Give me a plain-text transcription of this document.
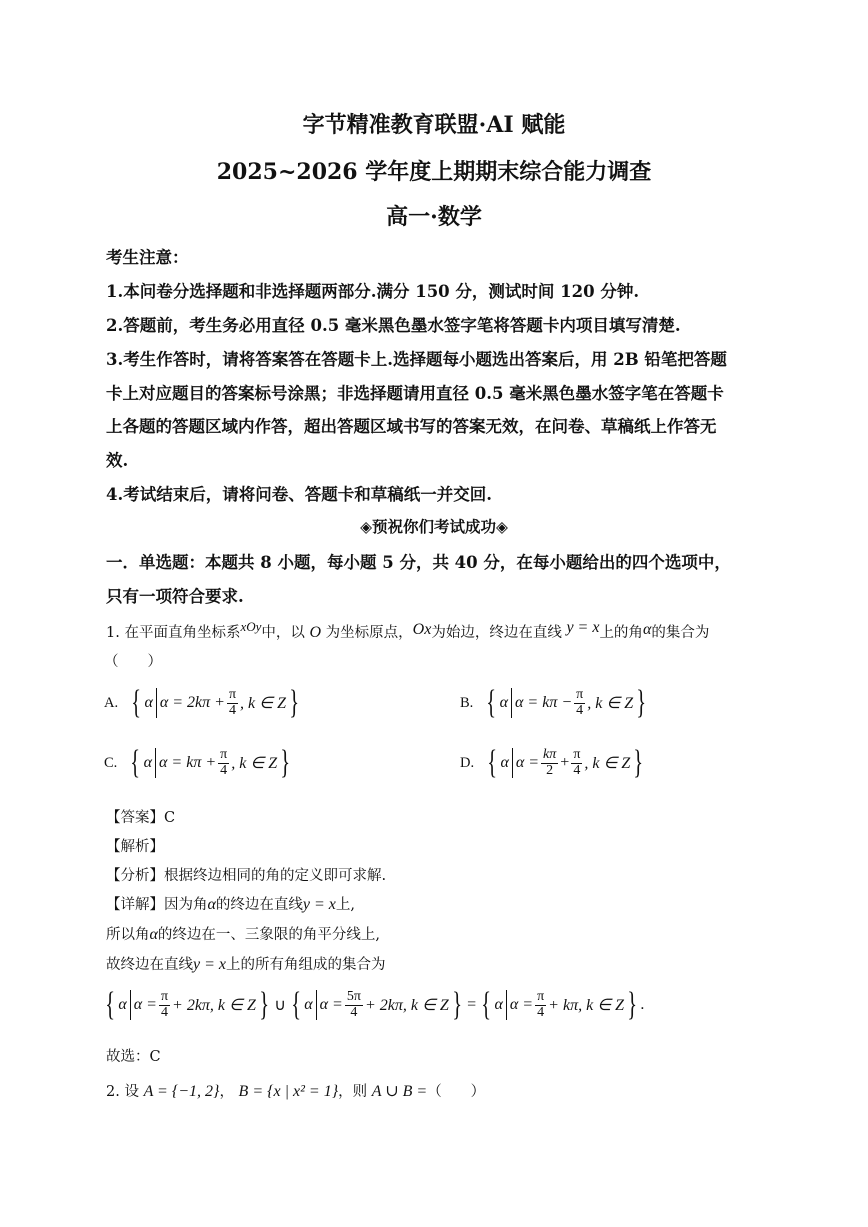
字节精准教育联盟·AI 赋能
2025~2026 学年度上期期末综合能力调查
高一·数学
考生注意：
1.本问卷分选择题和非选择题两部分.满分 150 分，测试时间 120 分钟.
2.答题前，考生务必用直径 0.5 毫米黑色墨水签字笔将答题卡内项目填写清楚.
3.考生作答时，请将答案答在答题卡上.选择题每小题选出答案后，用 2B 铅笔把答题
卡上对应题目的答案标号涂黑；非选择题请用直径 0.5 毫米黑色墨水签字笔在答题卡
上各题的答题区域内作答，超出答题区域书写的答案无效，在问卷、草稿纸上作答无
效.
4.考试结束后，请将问卷、答题卡和草稿纸一并交回.
◈预祝你们考试成功◈
一．单选题：本题共 8 小题，每小题 5 分，共 40 分，在每小题给出的四个选项中，
只有一项符合要求.
1. 在平面直角坐标系xOy中，以 O 为坐标原点，Ox为始边，终边在直线 y = x上的角α的集合为
（　　）
A. { α $\alpha = 2k\pi + \frac{\pi}{4}$ , k ∈ Z }	B. { α $\alpha = k\pi - \frac{\pi}{4}$ , k ∈ Z }
C. { α $\alpha = k\pi + \frac{\pi}{4}$ , k ∈ Z }	D. { α $\alpha = \frac{k\pi}{2} + \frac{\pi}{4}$ , k ∈ Z }
【答案】C
【解析】
【分析】根据终边相同的角的定义即可求解.
【详解】因为角α的终边在直线y = x上,
所以角α的终边在一、三象限的角平分线上,
故终边在直线y = x上的所有角组成的集合为
{ α $\alpha = \frac{\pi}{4} + 2k\pi$, k ∈ Z } ∪ { α $\alpha = \frac{5\pi}{4} + 2k\pi$, k ∈ Z } = { α $\alpha = \frac{\pi}{4} + k\pi$, k ∈ Z } .
故选：C
2. 设 A = {−1, 2}， B = {x | x² = 1}，则 A ∪ B =（　　）
